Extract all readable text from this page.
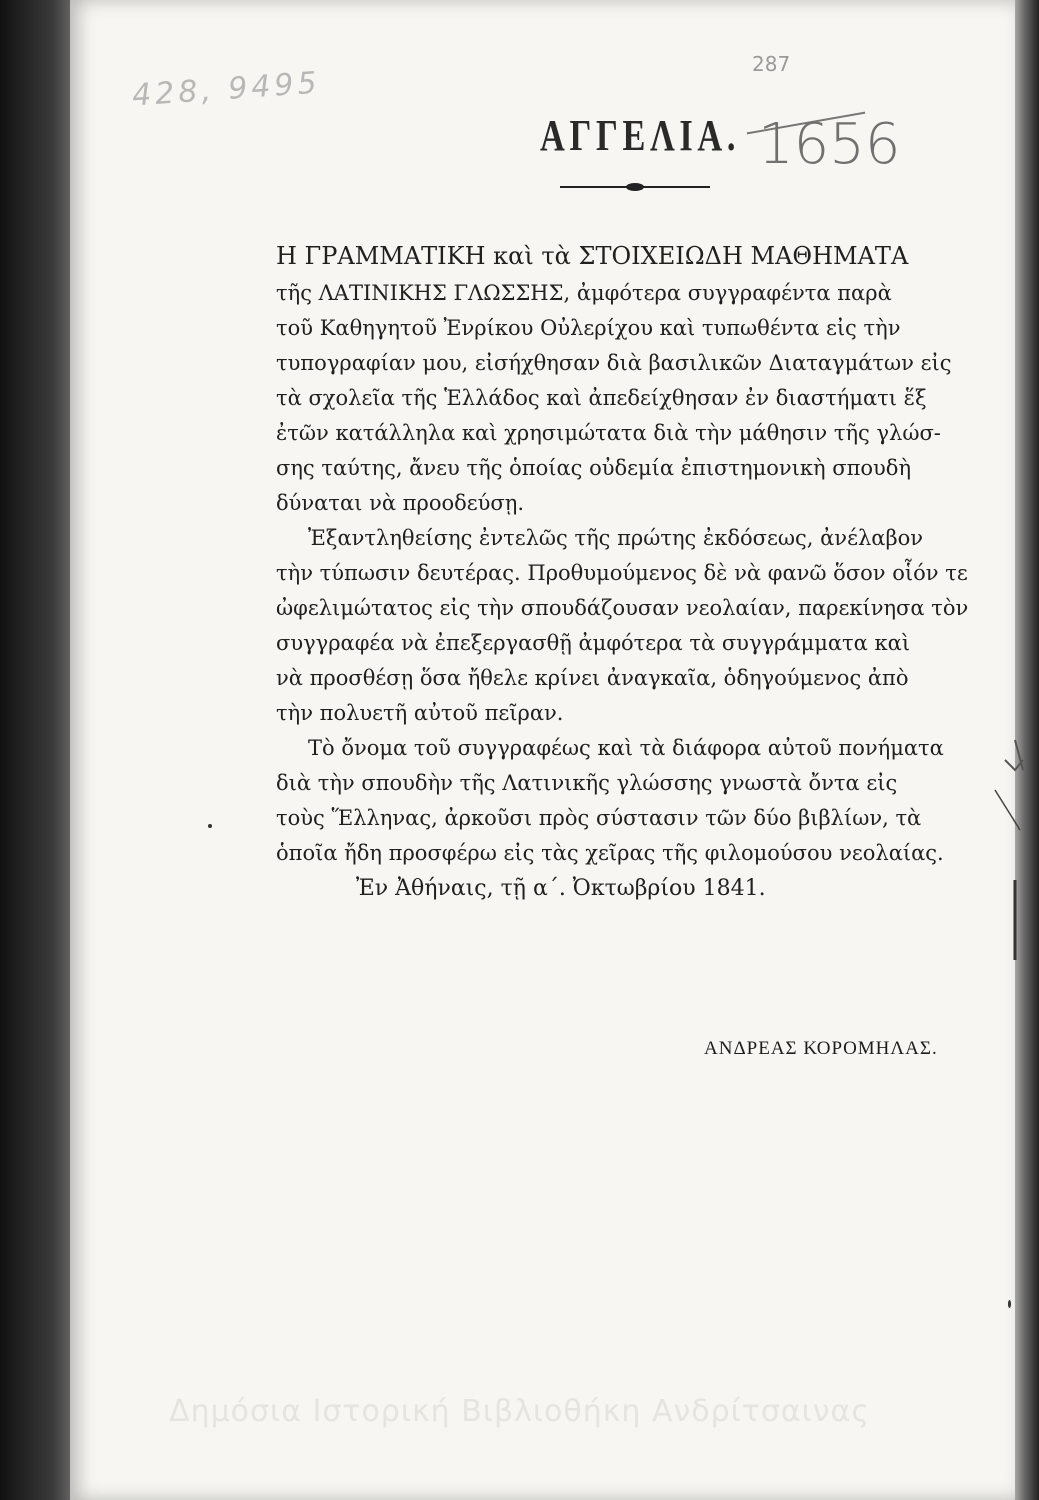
428, 9495
287
ΑΓΓΕΛΙΑ. 1656
Η ΓΡΑΜΜΑΤΙΚΗ καὶ τὰ ΣΤΟΙΧΕΙΩΔΗ ΜΑΘΗΜΑΤΑ
τῆς ΛΑΤΙΝΙΚΗΣ ΓΛΩΣΣΗΣ, ἀμφότερα συγγραφέντα παρὰ
τοῦ Καθηγητοῦ Ἐνρίκου Οὐλερίχου καὶ τυπωθέντα εἰς τὴν
τυπογραφίαν μου, εἰσήχθησαν διὰ βασιλικῶν Διαταγμάτων εἰς
τὰ σχολεῖα τῆς Ἑλλάδος καὶ ἀπεδείχθησαν ἐν διαστήματι ἕξ
ἐτῶν κατάλληλα καὶ χρησιμώτατα διὰ τὴν μάθησιν τῆς γλώσ-
σης ταύτης, ἄνευ τῆς ὁποίας οὐδεμία ἐπιστημονικὴ σπουδὴ
δύναται νὰ προοδεύσῃ.
Ἐξαντληθείσης ἐντελῶς τῆς πρώτης ἐκδόσεως, ἀνέλαβον
τὴν τύπωσιν δευτέρας. Προθυμούμενος δὲ νὰ φανῶ ὅσον οἷόν τε
ὠφελιμώτατος εἰς τὴν σπουδάζουσαν νεολαίαν, παρεκίνησα τὸν
συγγραφέα νὰ ἐπεξεργασθῇ ἀμφότερα τὰ συγγράμματα καὶ
νὰ προσθέσῃ ὅσα ἤθελε κρίνει ἀναγκαῖα, ὁδηγούμενος ἀπὸ
τὴν πολυετῆ αὐτοῦ πεῖραν.
Τὸ ὄνομα τοῦ συγγραφέως καὶ τὰ διάφορα αὐτοῦ πονήματα
διὰ τὴν σπουδὴν τῆς Λατινικῆς γλώσσης γνωστὰ ὄντα εἰς
τοὺς Ἕλληνας, ἀρκοῦσι πρὸς σύστασιν τῶν δύο βιβλίων, τὰ
ὁποῖα ἤδη προσφέρω εἰς τὰς χεῖρας τῆς φιλομούσου νεολαίας.
Ἐν Ἀθήναις, τῇ α΄. Ὀκτωβρίου 1841.
ΑΝΔΡΕΑΣ ΚΟΡΟΜΗΛΑΣ.
Δημόσια Ιστορική Βιβλιοθήκη Ανδρίτσαινας
